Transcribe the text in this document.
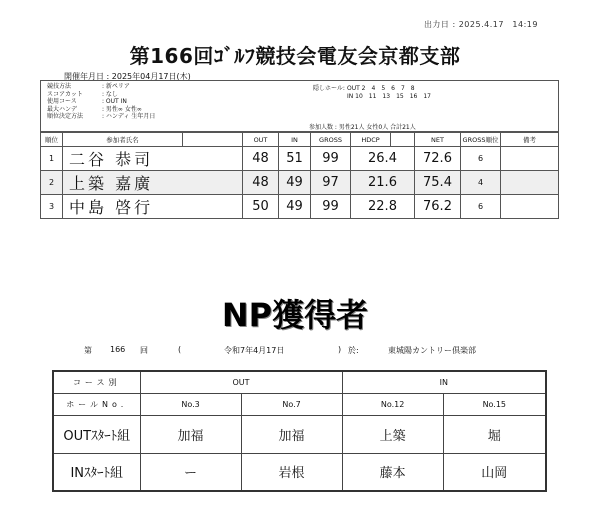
出力日 : 2025.4.17　14:19
第166回ｺﾞﾙﾌ競技会電友会京都支部
開催年月日 : 2025年04月17日(木)
競技方法	: 新ペリア
スコアカット	: なし
使用コース	: OUT IN
最大ハンデ	: 男性∞ 女性∞
順位決定方法	: ハンディ 生年月日
隠しホール: OUT 2　4　5　6　7　8
IN 10　11　13　15　16　17
参加人数 : 男性21人 女性0人 合計21人
順位	参加者氏名		OUT	IN	GROSS	HDCP		NET	GROSS順位	備考
1	二谷 恭司		48	51	99	26.4		72.6	6	
2	上築 嘉廣		48	49	97	21.6		75.4	4	
3	中島 啓行		50	49	99	22.8		76.2	6	
NP獲得者
第	166	回	(	令和7年4月17日	) 於:	東城陽カントリー倶楽部
コース別	OUT		IN	
ホールNo.	No.3	No.7	No.12	No.15
OUTｽﾀｰﾄ組	加福	加福	上築	堀
INｽﾀｰﾄ組	ー	岩根	藤本	山岡
